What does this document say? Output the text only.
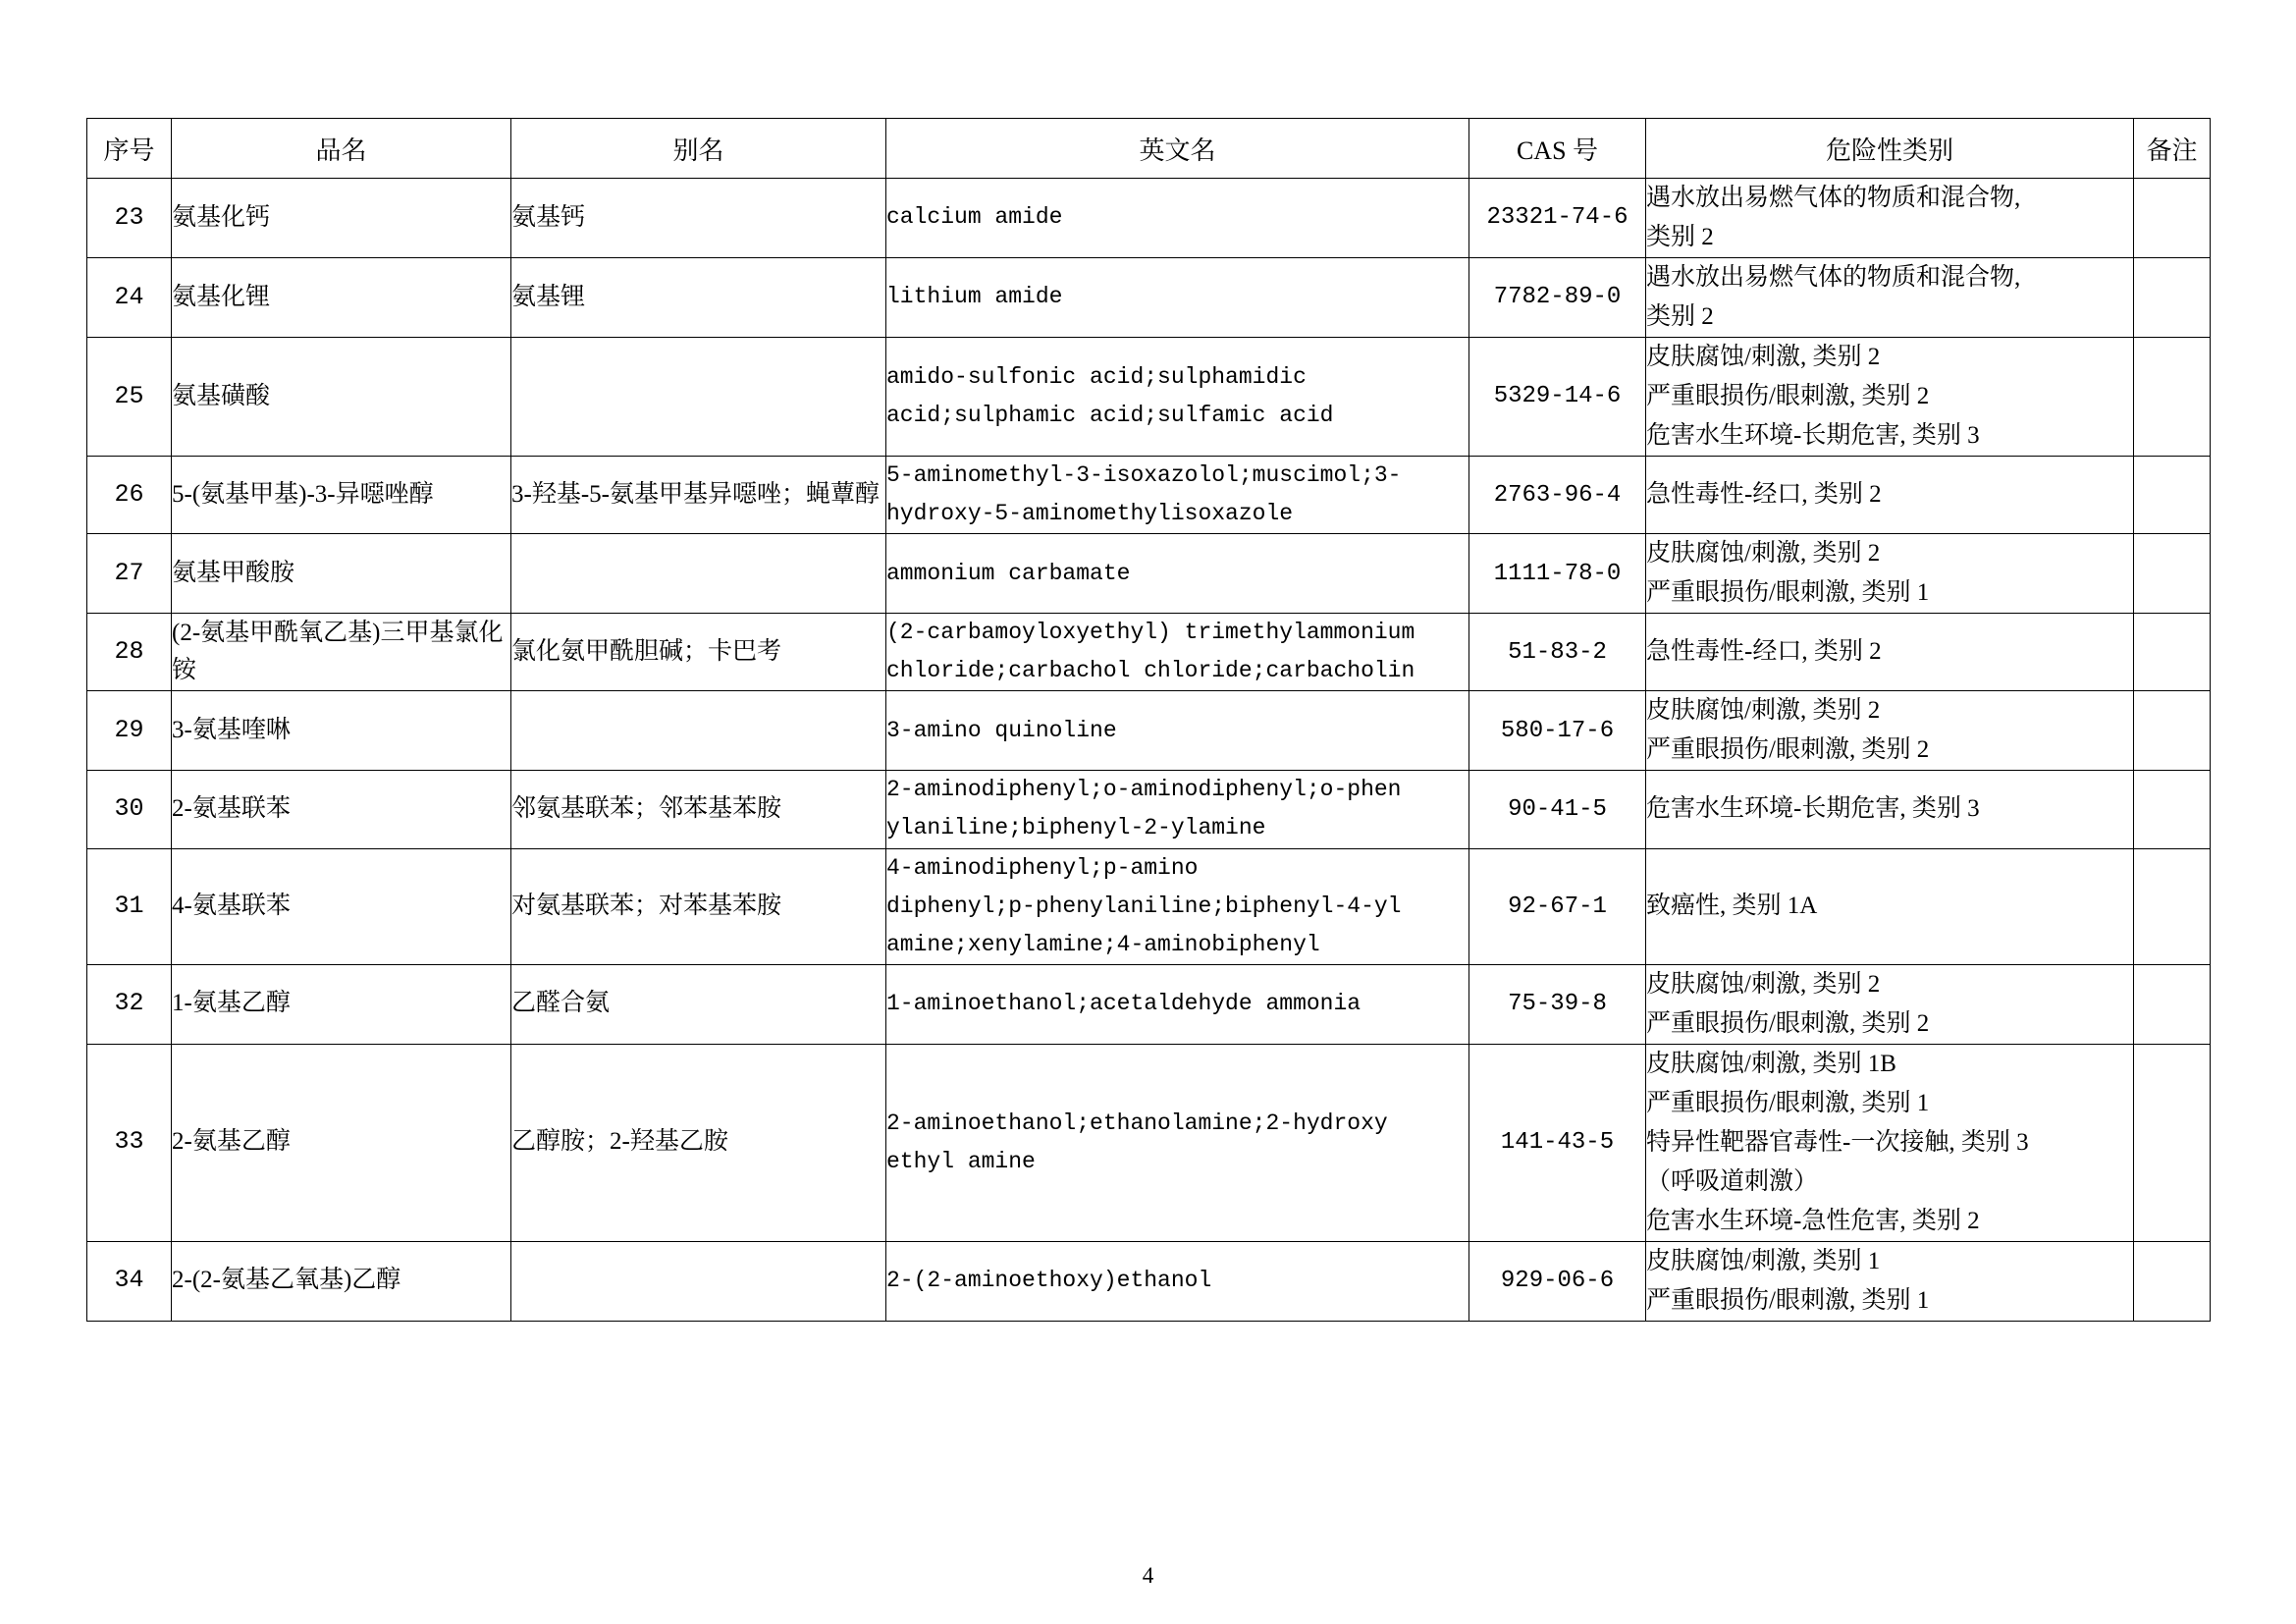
序号	品名	别名	英文名	CAS 号	危险性类别	备注
23	氨基化钙	氨基钙	calcium amide	23321-74-6	遇水放出易燃气体的物质和混合物,
类别 2	

24	氨基化锂	氨基锂	lithium amide	7782-89-0	遇水放出易燃气体的物质和混合物,
类别 2	

25	氨基磺酸		amido-sulfonic acid;sulphamidic
acid;sulphamic acid;sulfamic acid	5329-14-6	皮肤腐蚀/刺激, 类别 2
严重眼损伤/眼刺激, 类别 2
危害水生环境-长期危害, 类别 3	

26	5-(氨基甲基)-3-异噁唑醇	3-羟基-5-氨基甲基异噁唑；蝇蕈醇	5-aminomethyl-3-isoxazolol;muscimol;3-
hydroxy-5-aminomethylisoxazole	2763-96-4	急性毒性-经口, 类别 2	

27	氨基甲酸胺		ammonium carbamate	1111-78-0	皮肤腐蚀/刺激, 类别 2
严重眼损伤/眼刺激, 类别 1	

28	(2-氨基甲酰氧乙基)三甲基氯化铵	氯化氨甲酰胆碱；卡巴考	(2-carbamoyloxyethyl) trimethylammonium
chloride;carbachol chloride;carbacholin	51-83-2	急性毒性-经口, 类别 2	

29	3-氨基喹啉		3-amino quinoline	580-17-6	皮肤腐蚀/刺激, 类别 2
严重眼损伤/眼刺激, 类别 2	

30	2-氨基联苯	邻氨基联苯；邻苯基苯胺	2-aminodiphenyl;o-aminodiphenyl;o-phen
ylaniline;biphenyl-2-ylamine	90-41-5	危害水生环境-长期危害, 类别 3	

31	4-氨基联苯	对氨基联苯；对苯基苯胺	4-aminodiphenyl;p-amino
diphenyl;p-phenylaniline;biphenyl-4-yl
amine;xenylamine;4-aminobiphenyl	92-67-1	致癌性, 类别 1A	

32	1-氨基乙醇	乙醛合氨	1-aminoethanol;acetaldehyde ammonia	75-39-8	皮肤腐蚀/刺激, 类别 2
严重眼损伤/眼刺激, 类别 2	

33	2-氨基乙醇	乙醇胺；2-羟基乙胺	2-aminoethanol;ethanolamine;2-hydroxy
ethyl amine	141-43-5	皮肤腐蚀/刺激, 类别 1B
严重眼损伤/眼刺激, 类别 1
特异性靶器官毒性-一次接触, 类别 3
（呼吸道刺激）
危害水生环境-急性危害, 类别 2	

34	2-(2-氨基乙氧基)乙醇		2-(2-aminoethoxy)ethanol	929-06-6	皮肤腐蚀/刺激, 类别 1
严重眼损伤/眼刺激, 类别 1	

4
